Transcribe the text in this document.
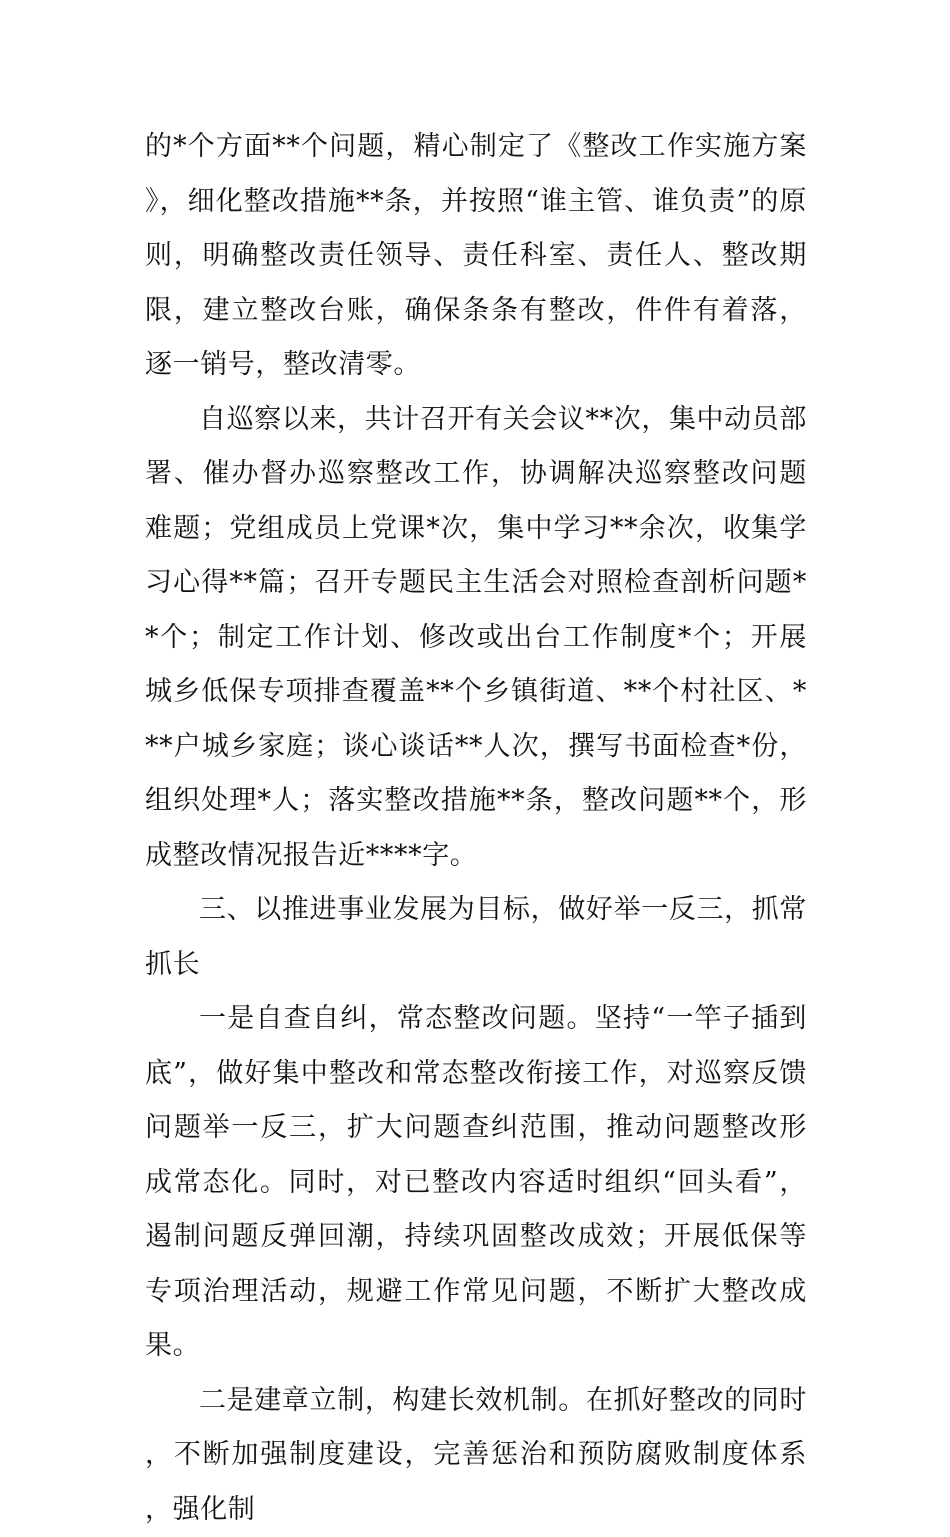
的*个方面**个问题，精心制定了《整改工作实施方案》，细化整改措施**条，并按照“谁主管、谁负责”的原则，明确整改责任领导、责任科室、责任人、整改期限，建立整改台账，确保条条有整改，件件有着落，逐一销号，整改清零。

自巡察以来，共计召开有关会议**次，集中动员部署、催办督办巡察整改工作，协调解决巡察整改问题难题；党组成员上党课*次，集中学习**余次，收集学习心得**篇；召开专题民主生活会对照检查剖析问题**个；制定工作计划、修改或出台工作制度*个；开展城乡低保专项排查覆盖**个乡镇街道、**个村社区、***户城乡家庭；谈心谈话**人次，撰写书面检查*份，组织处理*人；落实整改措施**条，整改问题**个，形成整改情况报告近****字。

三、以推进事业发展为目标，做好举一反三，抓常抓长

一是自查自纠，常态整改问题。坚持“一竿子插到底”，做好集中整改和常态整改衔接工作，对巡察反馈问题举一反三，扩大问题查纠范围，推动问题整改形成常态化。同时，对已整改内容适时组织“回头看”，遏制问题反弹回潮，持续巩固整改成效；开展低保等专项治理活动，规避工作常见问题，不断扩大整改成果。

二是建章立制，构建长效机制。在抓好整改的同时，不断加强制度建设，完善惩治和预防腐败制度体系，强化制
